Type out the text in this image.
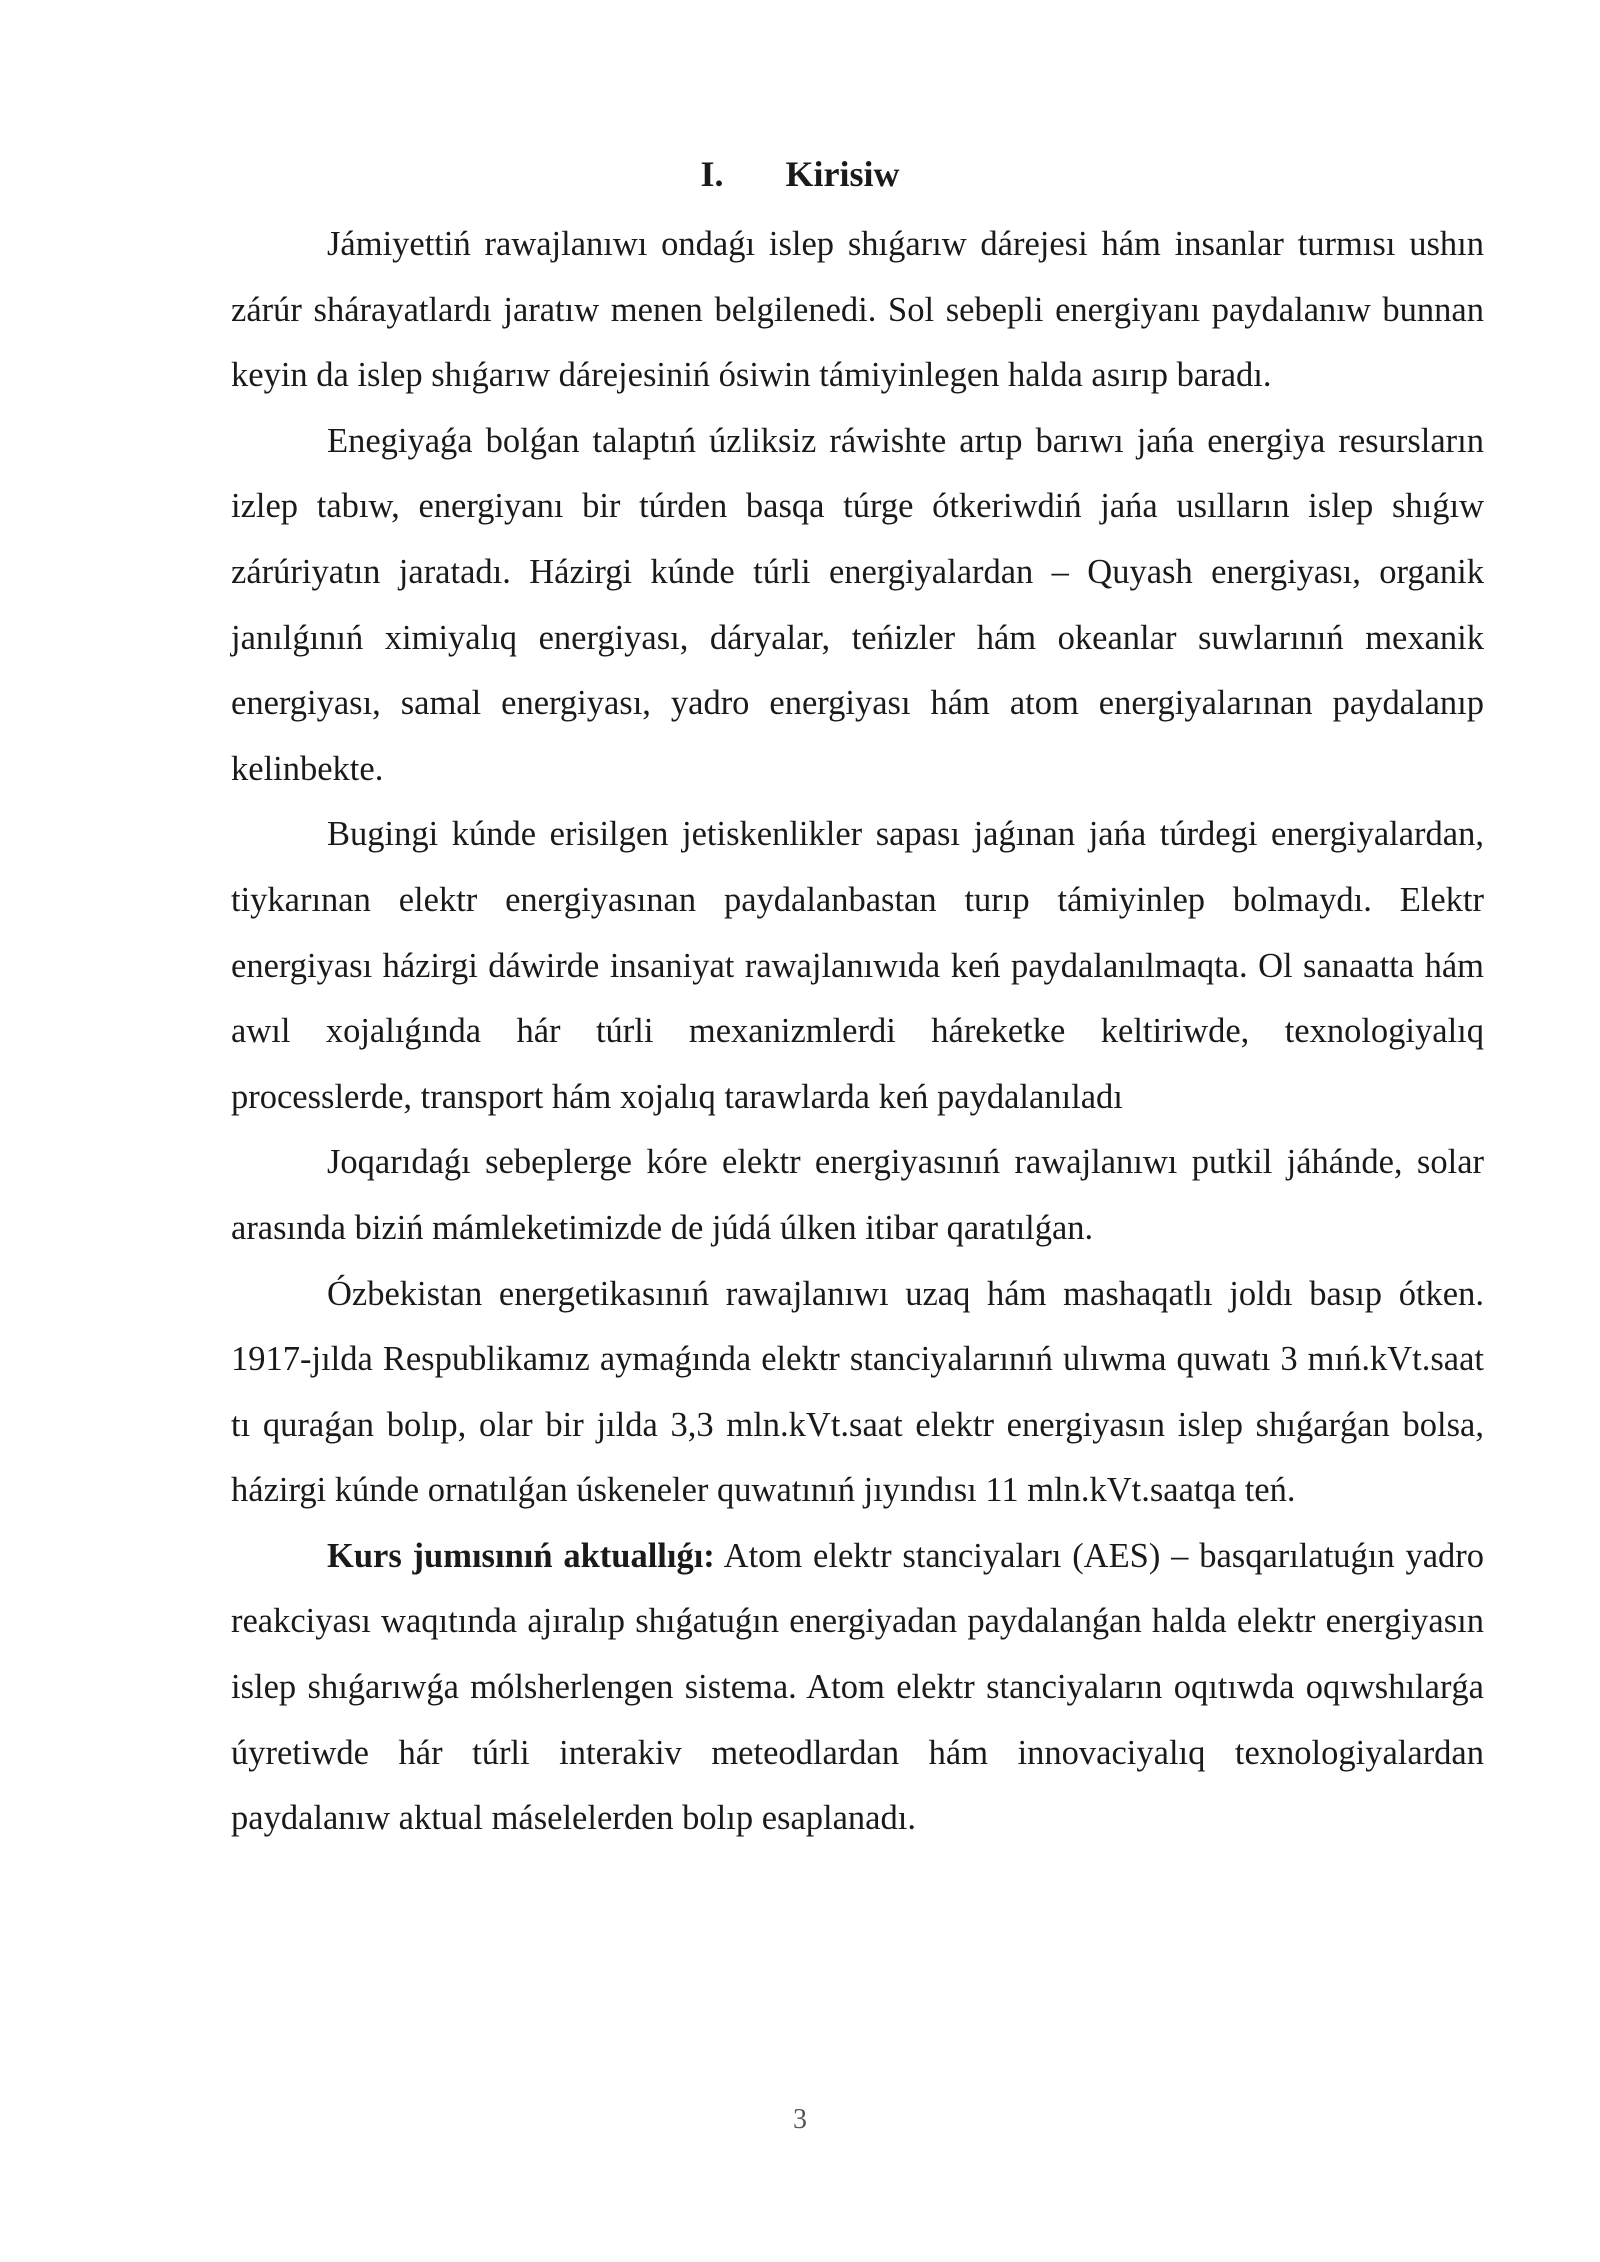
I. Kirisiw

Jámiyettiń rawajlanıwı ondaǵı islep shıǵarıw dárejesi hám insanlar turmısı ushın zárúr shárayatlardı jaratıw menen belgilenedi. Sol sebepli energiyanı paydalanıw bunnan keyin da islep shıǵarıw dárejesiniń ósiwin támiyinlegen halda asırıp baradı.

Enegiyaǵa bolǵan talaptıń úzliksiz ráwishte artıp barıwı jańa energiya resursların izlep tabıw, energiyanı bir túrden basqa túrge ótkeriwdiń jańa usılların islep shıǵıw zárúriyatın jaratadı. Házirgi kúnde túrli energiyalardan – Quyash energiyası, organik janılǵınıń ximiyalıq energiyası, dáryalar, teńizler hám okeanlar suwlarınıń mexanik energiyası, samal energiyası, yadro energiyası hám atom energiyalarınan paydalanıp kelinbekte.

Bugingi kúnde erisilgen jetiskenlikler sapası jaǵınan jańa túrdegi energiyalardan, tiykarınan elektr energiyasınan paydalanbastan turıp támiyinlep bolmaydı. Elektr energiyası házirgi dáwirde insaniyat rawajlanıwıda keń paydalanılmaqta. Ol sanaatta hám awıl xojalıǵında hár túrli mexanizmlerdi háreketke keltiriwde, texnologiyalıq processlerde, transport hám xojalıq tarawlarda keń paydalanıladı

Joqarıdaǵı sebeplerge kóre elektr energiyasınıń rawajlanıwı putkil jáhánde, solar arasında biziń mámleketimizde de júdá úlken itibar qaratılǵan.

Ózbekistan energetikasınıń rawajlanıwı uzaq hám mashaqatlı joldı basıp ótken. 1917-jılda Respublikamız aymaǵında elektr stanciyalarınıń ulıwma quwatı 3 mıń.kVt.saat tı quraǵan bolıp, olar bir jılda 3,3 mln.kVt.saat elektr energiyasın islep shıǵarǵan bolsa, házirgi kúnde ornatılǵan úskeneler quwatınıń jıyındısı 11 mln.kVt.saatqa teń.

Kurs jumısınıń aktuallıǵı: Atom elektr stanciyaları (AES) – basqarılatuǵın yadro reakciyası waqıtında ajıralıp shıǵatuǵın energiyadan paydalanǵan halda elektr energiyasın islep shıǵarıwǵa mólsherlengen sistema. Atom elektr stanciyaların oqıtıwda oqıwshılarǵa úyretiwde hár túrli interakiv meteodlardan hám innovaciyalıq texnologiyalardan paydalanıw aktual máselelerden bolıp esaplanadı.

3
